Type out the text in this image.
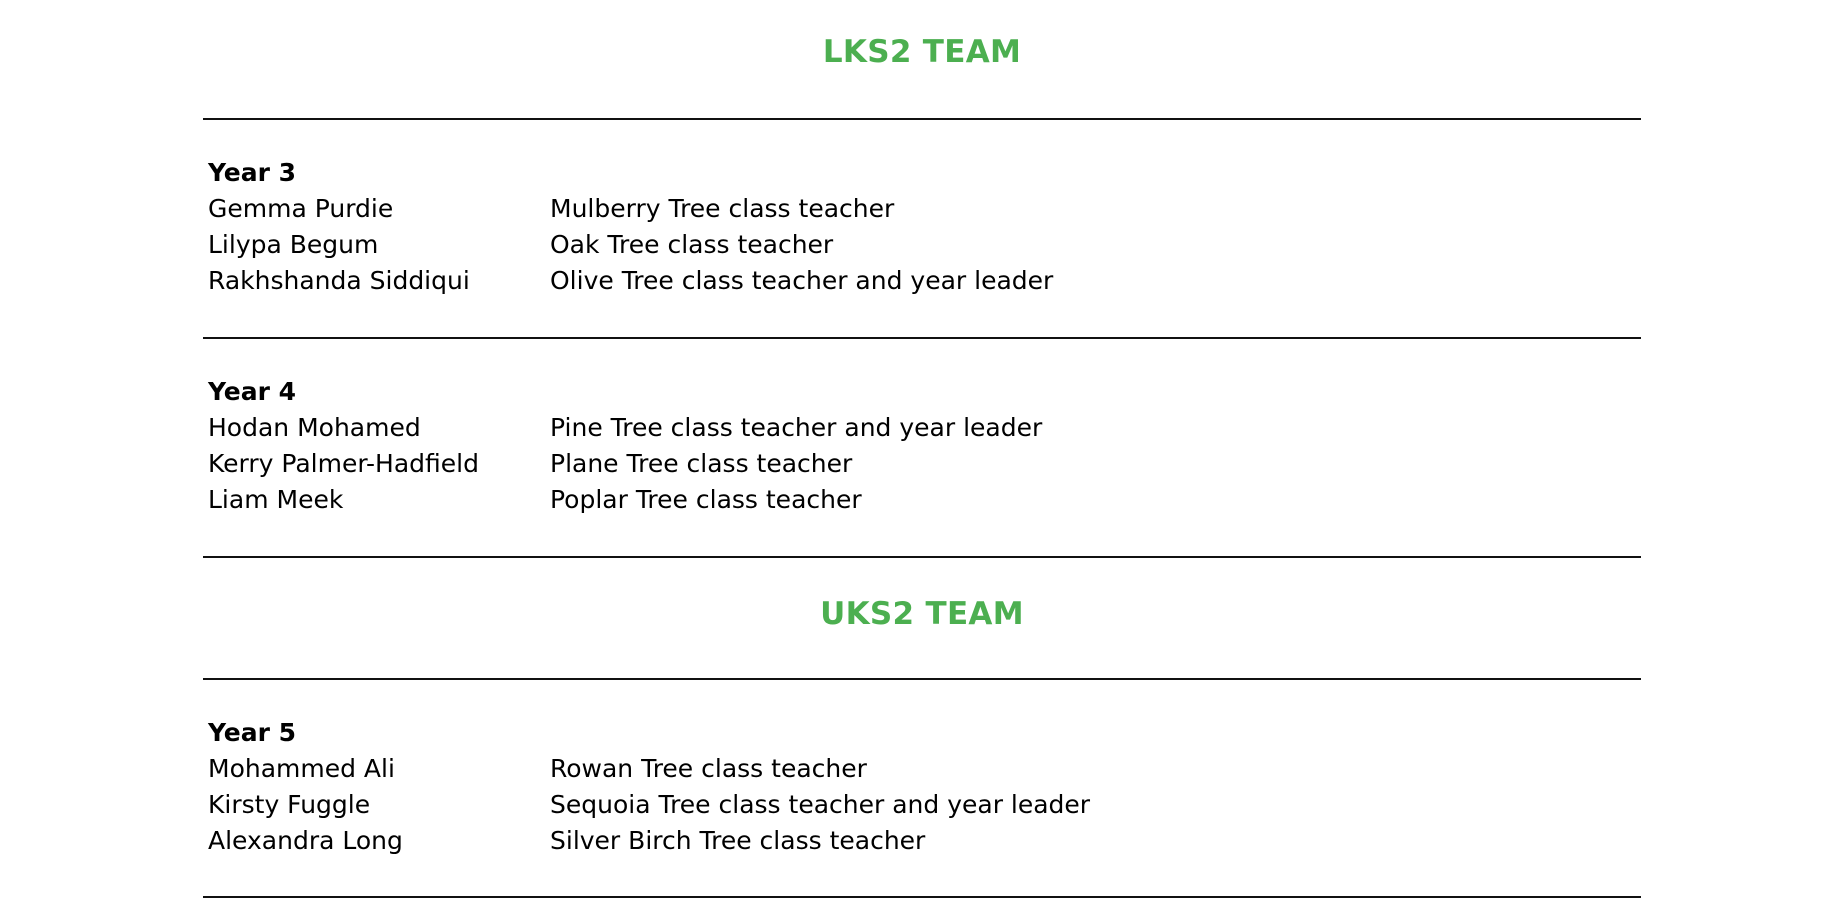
LKS2 TEAM
Year 3
Gemma Purdie	Mulberry Tree class teacher
Lilypa Begum	Oak Tree class teacher
Rakhshanda Siddiqui	Olive Tree class teacher and year leader
Year 4
Hodan Mohamed	Pine Tree class teacher and year leader
Kerry Palmer-Hadfield	Plane Tree class teacher
Liam Meek	Poplar Tree class teacher
UKS2 TEAM
Year 5
Mohammed Ali	Rowan Tree class teacher
Kirsty Fuggle	Sequoia Tree class teacher and year leader
Alexandra Long	Silver Birch Tree class teacher
